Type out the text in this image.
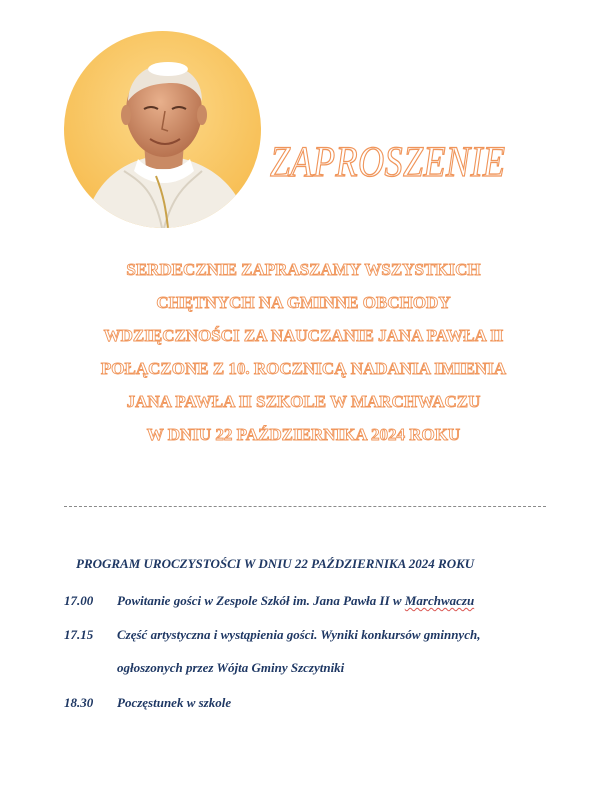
ZAPROSZENIE
SERDECZNIE ZAPRASZAMY WSZYSTKICH
CHĘTNYCH NA GMINNE OBCHODY
WDZIĘCZNOŚCI ZA NAUCZANIE JANA PAWŁA II
POŁĄCZONE Z 10. ROCZNICĄ NADANIA IMIENIA
JANA PAWŁA II SZKOLE W MARCHWACZU
W DNIU 22 PAŹDZIERNIKA 2024 ROKU
PROGRAM UROCZYSTOŚCI W DNIU 22 PAŹDZIERNIKA 2024 ROKU
17.00 Powitanie gości w Zespole Szkół im. Jana Pawła II w Marchwaczu
17.15 Część artystyczna i wystąpienia gości. Wyniki konkursów gminnych,
ogłoszonych przez Wójta Gminy Szczytniki
18.30 Poczęstunek w szkole
